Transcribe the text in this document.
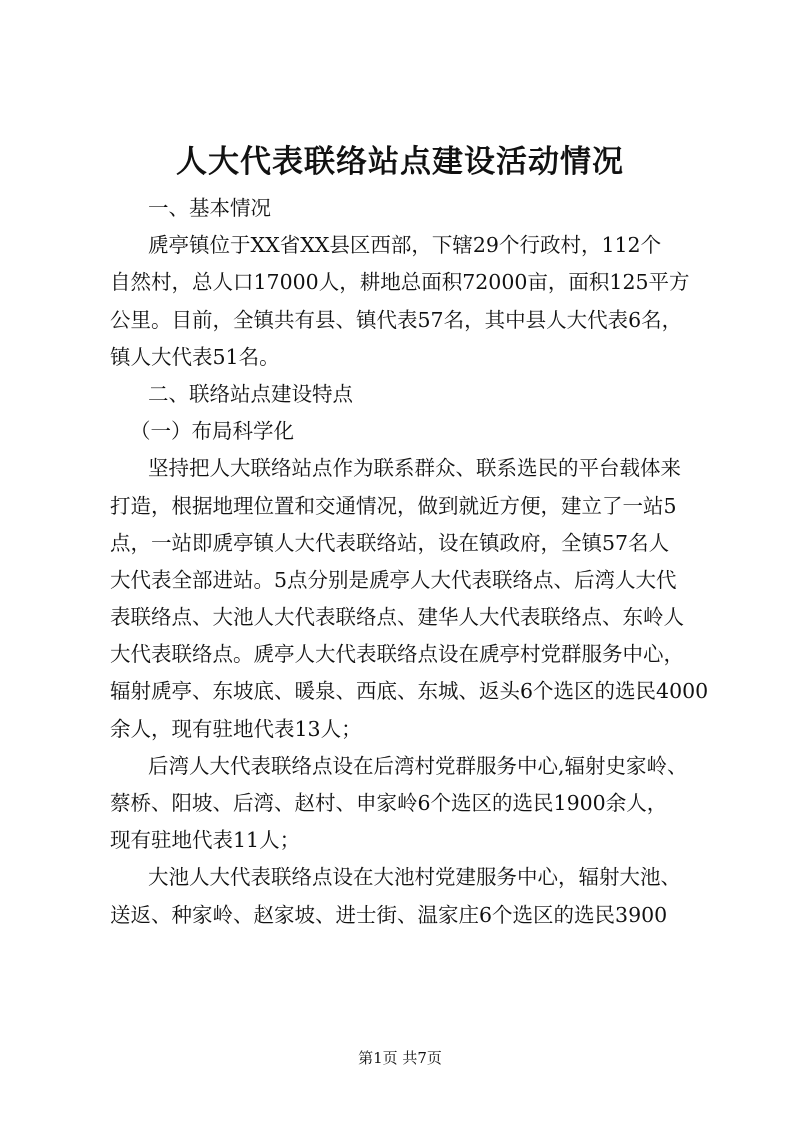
人大代表联络站点建设活动情况
一、基本情况
虒亭镇位于XX省XX县区西部，下辖29个行政村，112个
自然村，总人口17000人，耕地总面积72000亩，面积125平方
公里。目前，全镇共有县、镇代表57名，其中县人大代表6名，
镇人大代表51名。
二、联络站点建设特点
（一）布局科学化
坚持把人大联络站点作为联系群众、联系选民的平台载体来
打造，根据地理位置和交通情况，做到就近方便，建立了一站5
点，一站即虒亭镇人大代表联络站，设在镇政府，全镇57名人
大代表全部进站。5点分别是虒亭人大代表联络点、后湾人大代
表联络点、大池人大代表联络点、建华人大代表联络点、东岭人
大代表联络点。虒亭人大代表联络点设在虒亭村党群服务中心，
辐射虒亭、东坡底、暖泉、西底、东城、返头6个选区的选民4000
余人，现有驻地代表13人；
后湾人大代表联络点设在后湾村党群服务中心,辐射史家岭、
蔡桥、阳坡、后湾、赵村、申家岭6个选区的选民1900余人，
现有驻地代表11人；
大池人大代表联络点设在大池村党建服务中心，辐射大池、
送返、种家岭、赵家坡、进士街、温家庄6个选区的选民3900
第1页 共7页
